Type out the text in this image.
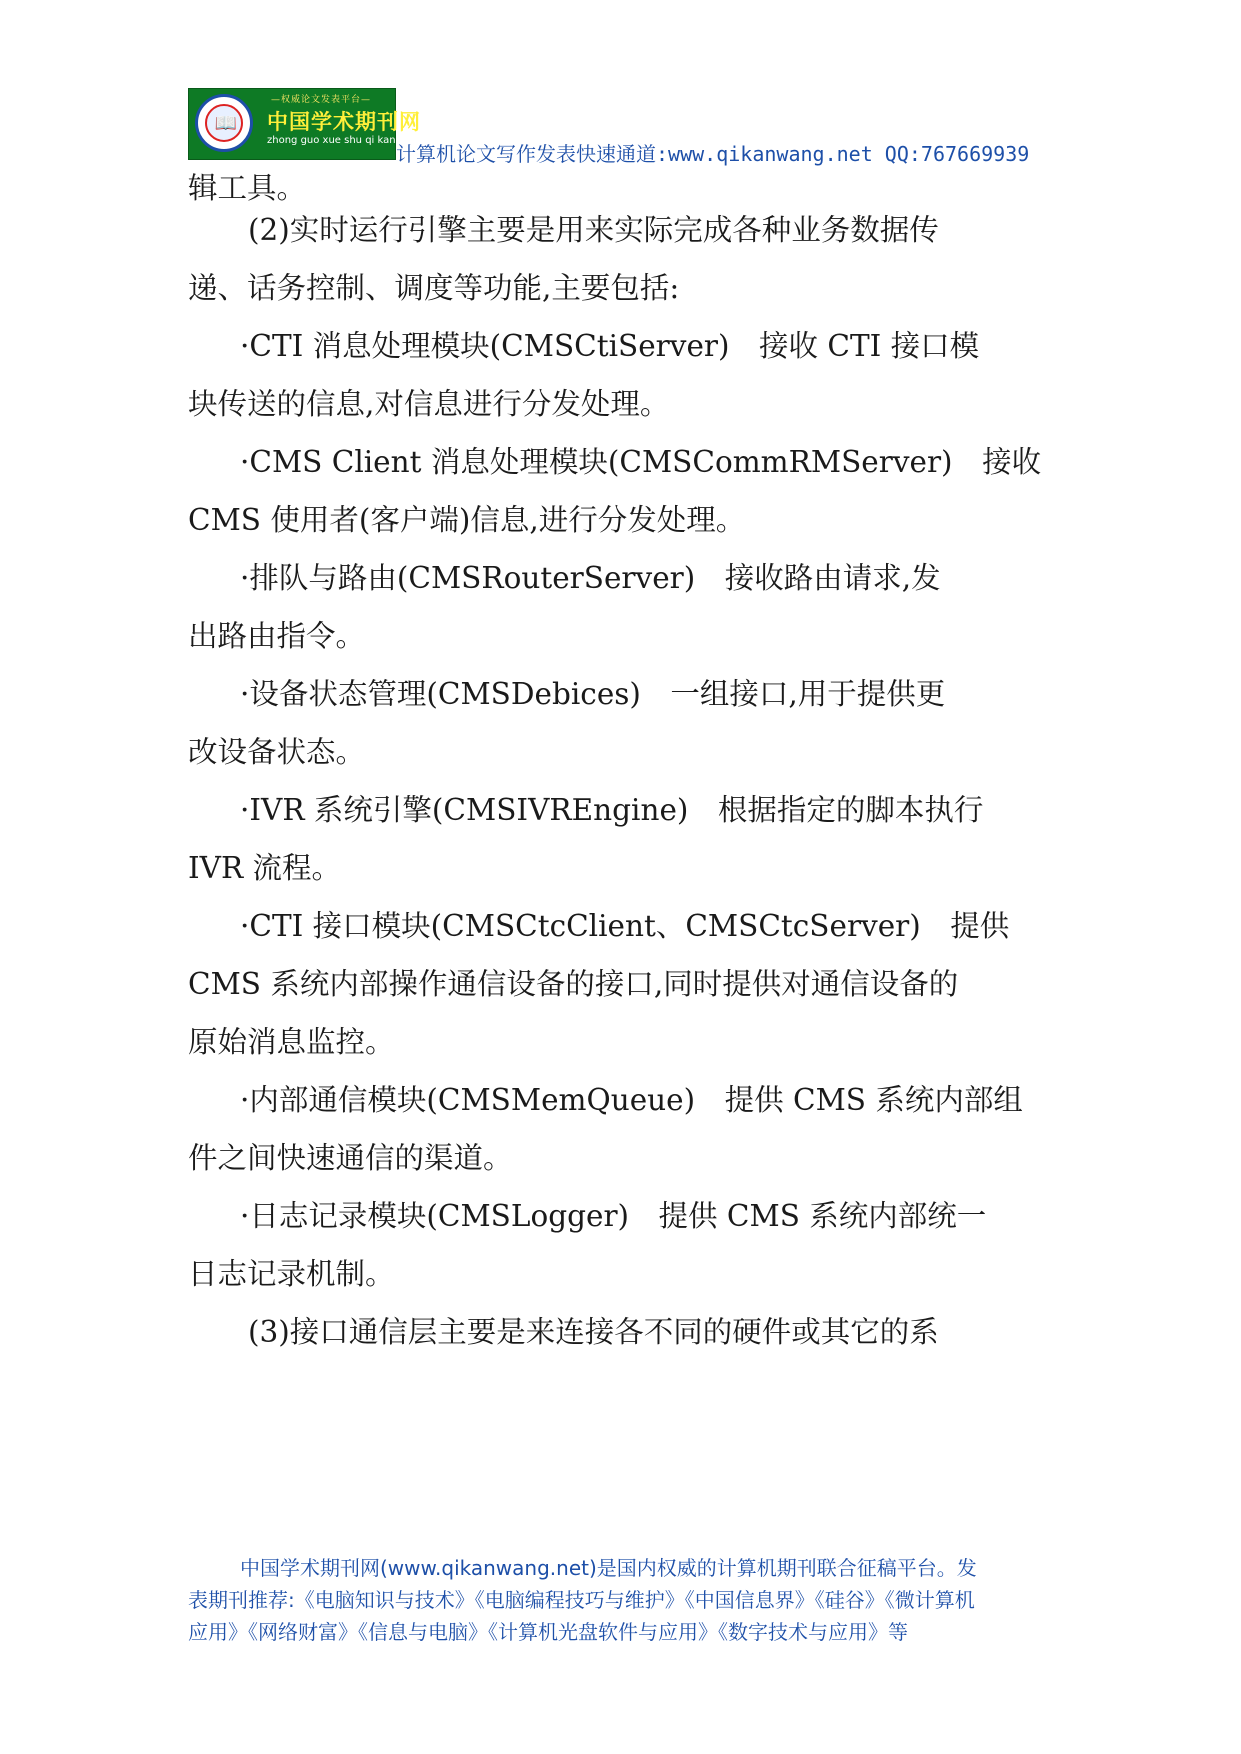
📖
—权威论文发表平台—
中国学术期刊网
zhong guo xue shu qi kan wang
计算机论文写作发表快速通道:www.qikanwang.net QQ:767669939
辑工具。
(2)实时运行引擎主要是用来实际完成各种业务数据传
递、话务控制、调度等功能,主要包括:
·CTI 消息处理模块(CMSCtiServer)　接收 CTI 接口模
块传送的信息,对信息进行分发处理。
·CMS Client 消息处理模块(CMSCommRMServer)　接收
CMS 使用者(客户端)信息,进行分发处理。
·排队与路由(CMSRouterServer)　接收路由请求,发
出路由指令。
·设备状态管理(CMSDebices)　一组接口,用于提供更
改设备状态。
·IVR 系统引擎(CMSIVREngine)　根据指定的脚本执行
IVR 流程。
·CTI 接口模块(CMSCtcClient、CMSCtcServer)　提供
CMS 系统内部操作通信设备的接口,同时提供对通信设备的
原始消息监控。
·内部通信模块(CMSMemQueue)　提供 CMS 系统内部组
件之间快速通信的渠道。
·日志记录模块(CMSLogger)　提供 CMS 系统内部统一
日志记录机制。
(3)接口通信层主要是来连接各不同的硬件或其它的系
中国学术期刊网(www.qikanwang.net)是国内权威的计算机期刊联合征稿平台。发
表期刊推荐:《电脑知识与技术》《电脑编程技巧与维护》《中国信息界》《硅谷》《微计算机
应用》《网络财富》《信息与电脑》《计算机光盘软件与应用》《数字技术与应用》等
